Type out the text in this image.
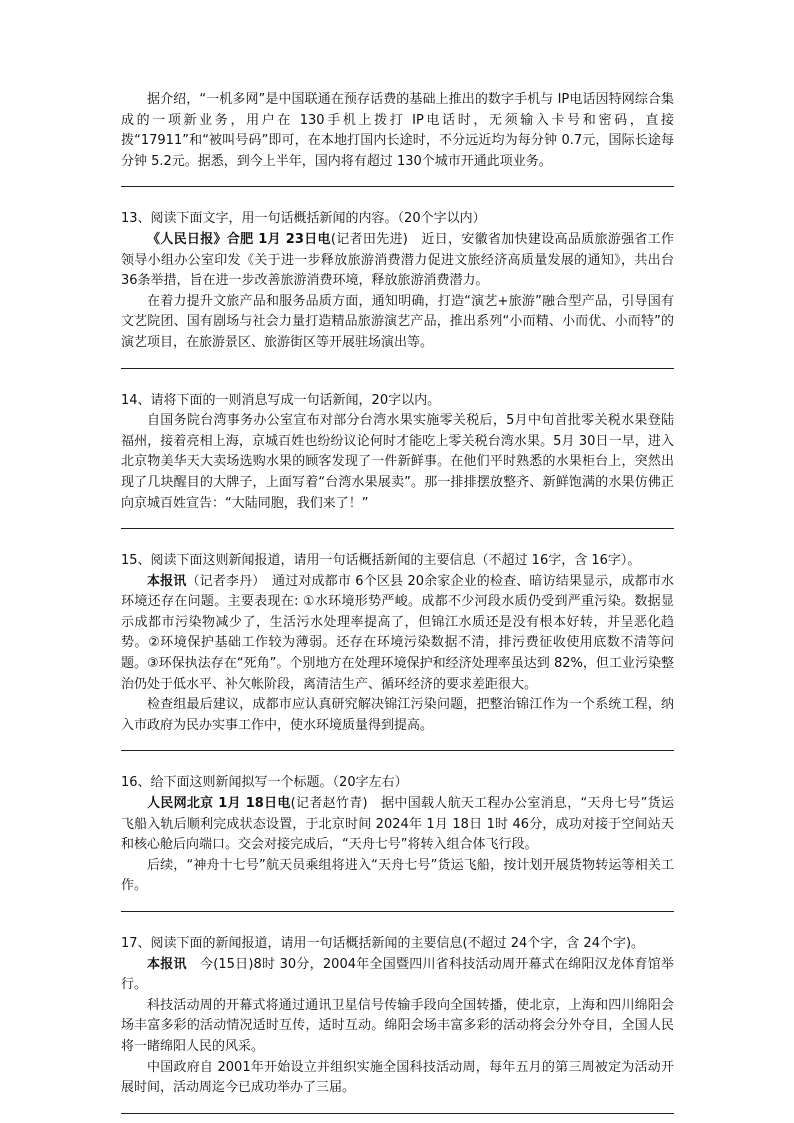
据介绍，“一机多网”是中国联通在预存话费的基础上推出的数字手机与 IP电话因特网综合集成的一项新业务，用户在 130手机上拨打 IP电话时，无须输入卡号和密码，直接拨“17911”和“被叫号码”即可，在本地打国内长途时，不分远近均为每分钟 0.7元，国际长途每分钟 5.2元。据悉，到今上半年，国内将有超过 130个城市开通此项业务。

13、阅读下面文字，用一句话概括新闻的内容。（20个字以内）

《人民日报》合肥 1月 23日电(记者田先进)　近日，安徽省加快建设高品质旅游强省工作领导小组办公室印发《关于进一步释放旅游消费潜力促进文旅经济高质量发展的通知》，共出台 36条举措，旨在进一步改善旅游消费环境，释放旅游消费潜力。

在着力提升文旅产品和服务品质方面，通知明确，打造“演艺+旅游”融合型产品，引导国有文艺院团、国有剧场与社会力量打造精品旅游演艺产品，推出系列“小而精、小而优、小而特”的演艺项目，在旅游景区、旅游街区等开展驻场演出等。

14、请将下面的一则消息写成一句话新闻，20字以内。

自国务院台湾事务办公室宣布对部分台湾水果实施零关税后，5月中旬首批零关税水果登陆福州，接着亮相上海，京城百姓也纷纷议论何时才能吃上零关税台湾水果。5月 30日一早，进入北京物美华天大卖场选购水果的顾客发现了一件新鲜事。在他们平时熟悉的水果柜台上，突然出现了几块醒目的大牌子，上面写着“台湾水果展卖”。那一排排摆放整齐、新鲜饱满的水果仿佛正向京城百姓宣告：“大陆同胞，我们来了！”

15、阅读下面这则新闻报道，请用一句话概括新闻的主要信息（不超过 16字，含 16字）。

本报讯（记者李丹）　通过对成都市 6个区县 20余家企业的检查、暗访结果显示，成都市水环境还存在问题。主要表现在: ①水环境形势严峻。成都不少河段水质仍受到严重污染。数据显示成都市污染物减少了，生活污水处理率提高了，但锦江水质还是没有根本好转，并呈恶化趋势。②环境保护基础工作较为薄弱。还存在环境污染数据不清，排污费征收使用底数不清等问题。③环保执法存在“死角”。个别地方在处理环境保护和经济处理率虽达到 82%，但工业污染整治仍处于低水平、补欠帐阶段，离清洁生产、循环经济的要求差距很大。

检查组最后建议，成都市应认真研究解决锦江污染问题，把整治锦江作为一个系统工程，纳入市政府为民办实事工作中，使水环境质量得到提高。

16、给下面这则新闻拟写一个标题。（20字左右）

人民网北京 1月 18日电(记者赵竹青)　据中国载人航天工程办公室消息，“天舟七号”货运飞船入轨后顺利完成状态设置，于北京时间 2024年 1月 18日 1时 46分，成功对接于空间站天和核心舱后向端口。交会对接完成后，“天舟七号”将转入组合体飞行段。

后续，“神舟十七号”航天员乘组将进入“天舟七号”货运飞船，按计划开展货物转运等相关工作。

17、阅读下面的新闻报道，请用一句话概括新闻的主要信息(不超过 24个字，含 24个字)。

本报讯　今(15日)8时 30分，2004年全国暨四川省科技活动周开幕式在绵阳汉龙体育馆举行。

科技活动周的开幕式将通过通讯卫星信号传输手段向全国转播，使北京，上海和四川绵阳会场丰富多彩的活动情况适时互传，适时互动。绵阳会场丰富多彩的活动将会分外夺目，全国人民将一睹绵阳人民的风采。

中国政府自 2001年开始设立并组织实施全国科技活动周，每年五月的第三周被定为活动开展时间，活动周迄今已成功举办了三届。
